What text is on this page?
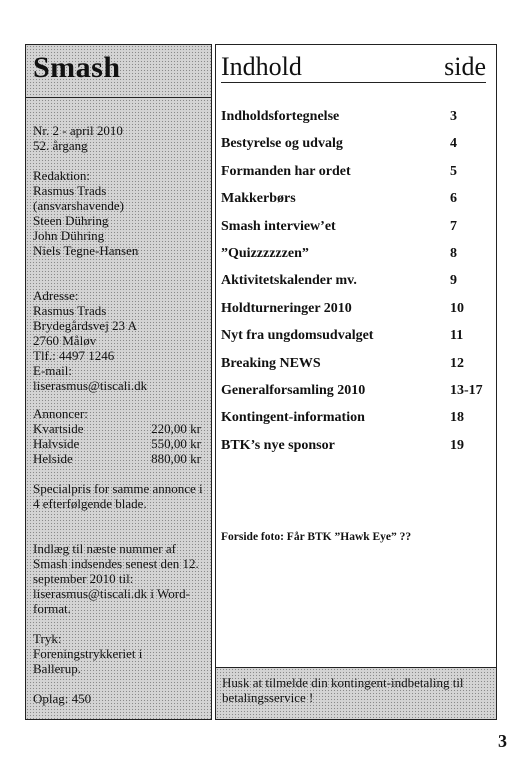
Smash
Nr. 2 - april 2010
52. årgang
Redaktion:
Rasmus Trads
(ansvarshavende)
Steen Dühring
John Dühring
Niels Tegne-Hansen
Adresse:
Rasmus Trads
Brydegårdsvej 23 A
2760 Måløv
Tlf.: 4497 1246
E-mail:
liserasmus@tiscali.dk
Annoncer:
Kvartside	220,00 kr
Halvside	550,00 kr
Helside	880,00 kr
Specialpris for samme annonce i 4 efterfølgende blade.
Indlæg til næste nummer af Smash indsendes senest den 12. september 2010 til: liserasmus@tiscali.dk i Word-format.
Tryk:
Foreningstrykkeriet i Ballerup.
Oplag: 450
Indhold	side
Indholdsfortegnelse	3
Bestyrelse og udvalg	4
Formanden har ordet	5
Makkerbørs	6
Smash interview’et	7
”Quizzzzzzen”	8
Aktivitetskalender mv.	9
Holdturneringer 2010	10
Nyt fra ungdomsudvalget	11
Breaking NEWS	12
Generalforsamling 2010	13-17
Kontingent-information	18
BTK’s nye sponsor	19
Forside foto: Får BTK ”Hawk Eye” ??
Husk at tilmelde din kontingent-indbetaling til betalingsservice !
3
